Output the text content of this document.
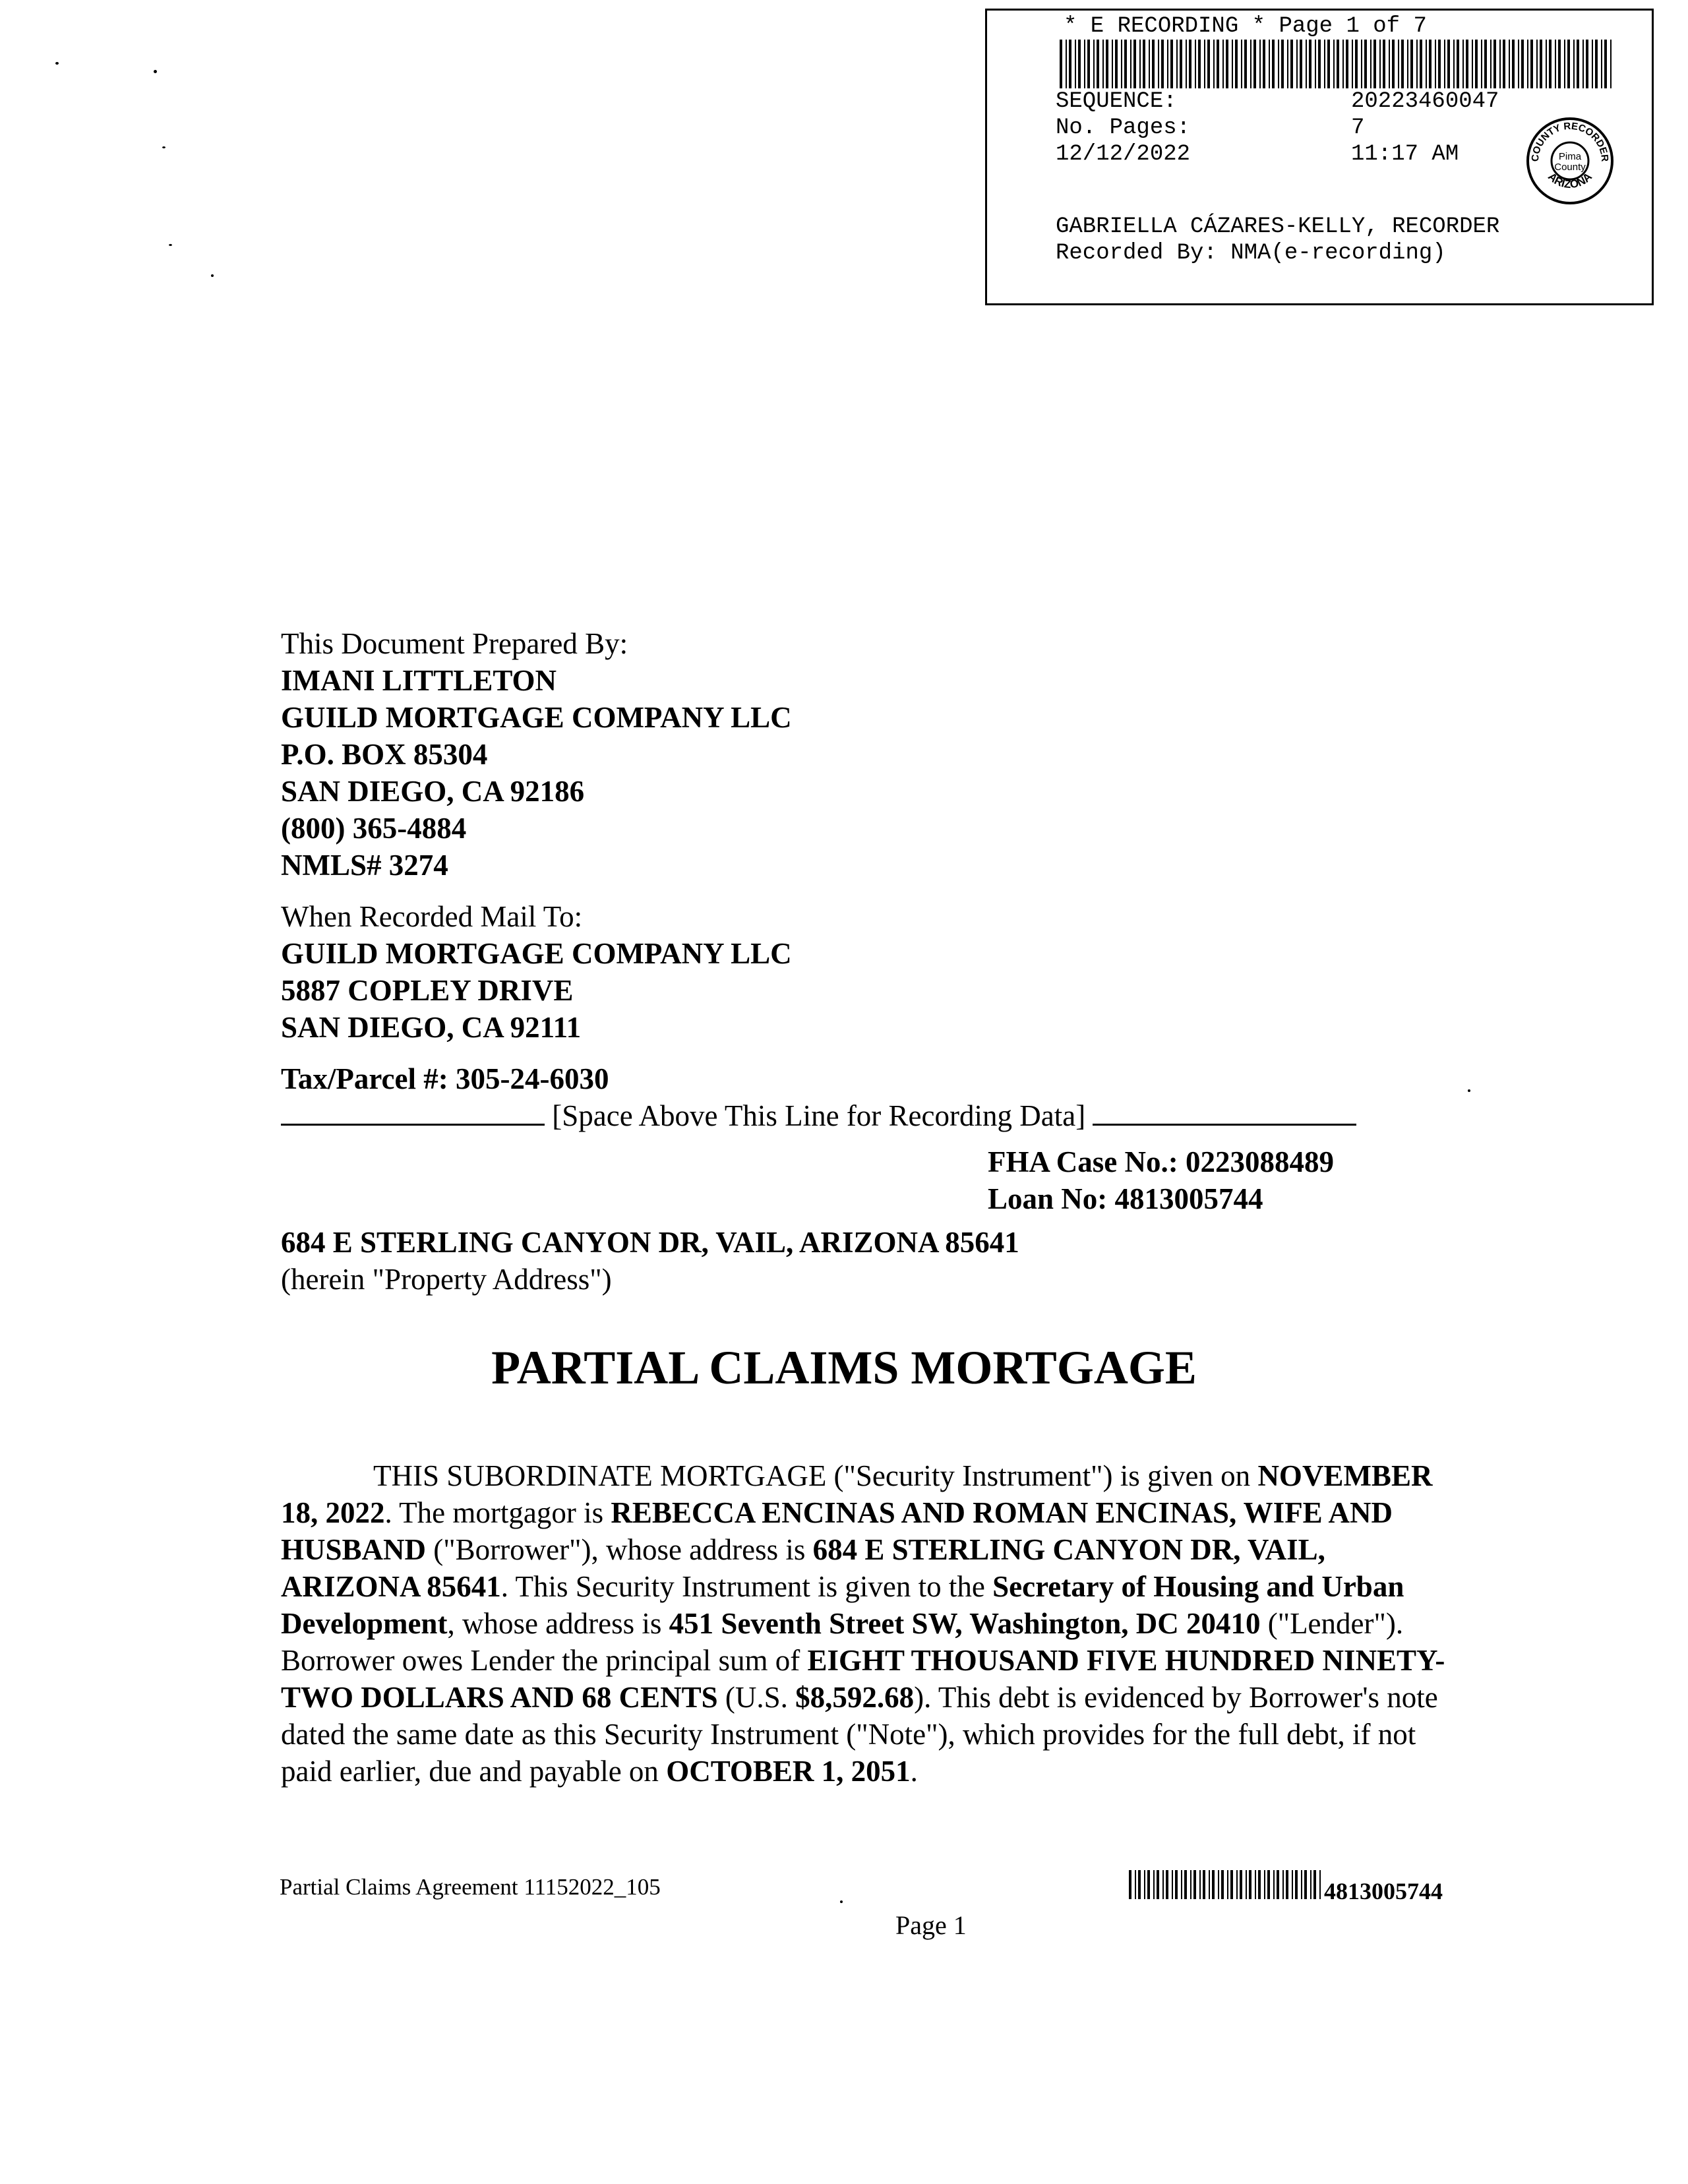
* E RECORDING * Page 1 of 7
SEQUENCE:	20223460047
No. Pages:	7
12/12/2022	11:17 AM	COUNTY RECORDER
ARIZONA
Pima
County
GABRIELLA CÁZARES-KELLY, RECORDER
Recorded By: NMA(e-recording)
This Document Prepared By:
IMANI LITTLETON
GUILD MORTGAGE COMPANY LLC
P.O. BOX 85304
SAN DIEGO, CA 92186
(800) 365-4884
NMLS# 3274
When Recorded Mail To:
GUILD MORTGAGE COMPANY LLC
5887 COPLEY DRIVE
SAN DIEGO, CA 92111
Tax/Parcel #: 305-24-6030
[Space Above This Line for Recording Data]
FHA Case No.: 0223088489
Loan No: 4813005744
684 E STERLING CANYON DR, VAIL, ARIZONA 85641
(herein "Property Address")
PARTIAL CLAIMS MORTGAGE
THIS SUBORDINATE MORTGAGE ("Security Instrument") is given on NOVEMBER 18, 2022. The mortgagor is REBECCA ENCINAS AND ROMAN ENCINAS, WIFE AND HUSBAND ("Borrower"), whose address is 684 E STERLING CANYON DR, VAIL, ARIZONA 85641. This Security Instrument is given to the Secretary of Housing and Urban Development, whose address is 451 Seventh Street SW, Washington, DC 20410 ("Lender"). Borrower owes Lender the principal sum of EIGHT THOUSAND FIVE HUNDRED NINETY-TWO DOLLARS AND 68 CENTS (U.S. $8,592.68). This debt is evidenced by Borrower's note dated the same date as this Security Instrument ("Note"), which provides for the full debt, if not paid earlier, due and payable on OCTOBER 1, 2051.
Partial Claims Agreement 11152022_105	4813005744
Page 1
